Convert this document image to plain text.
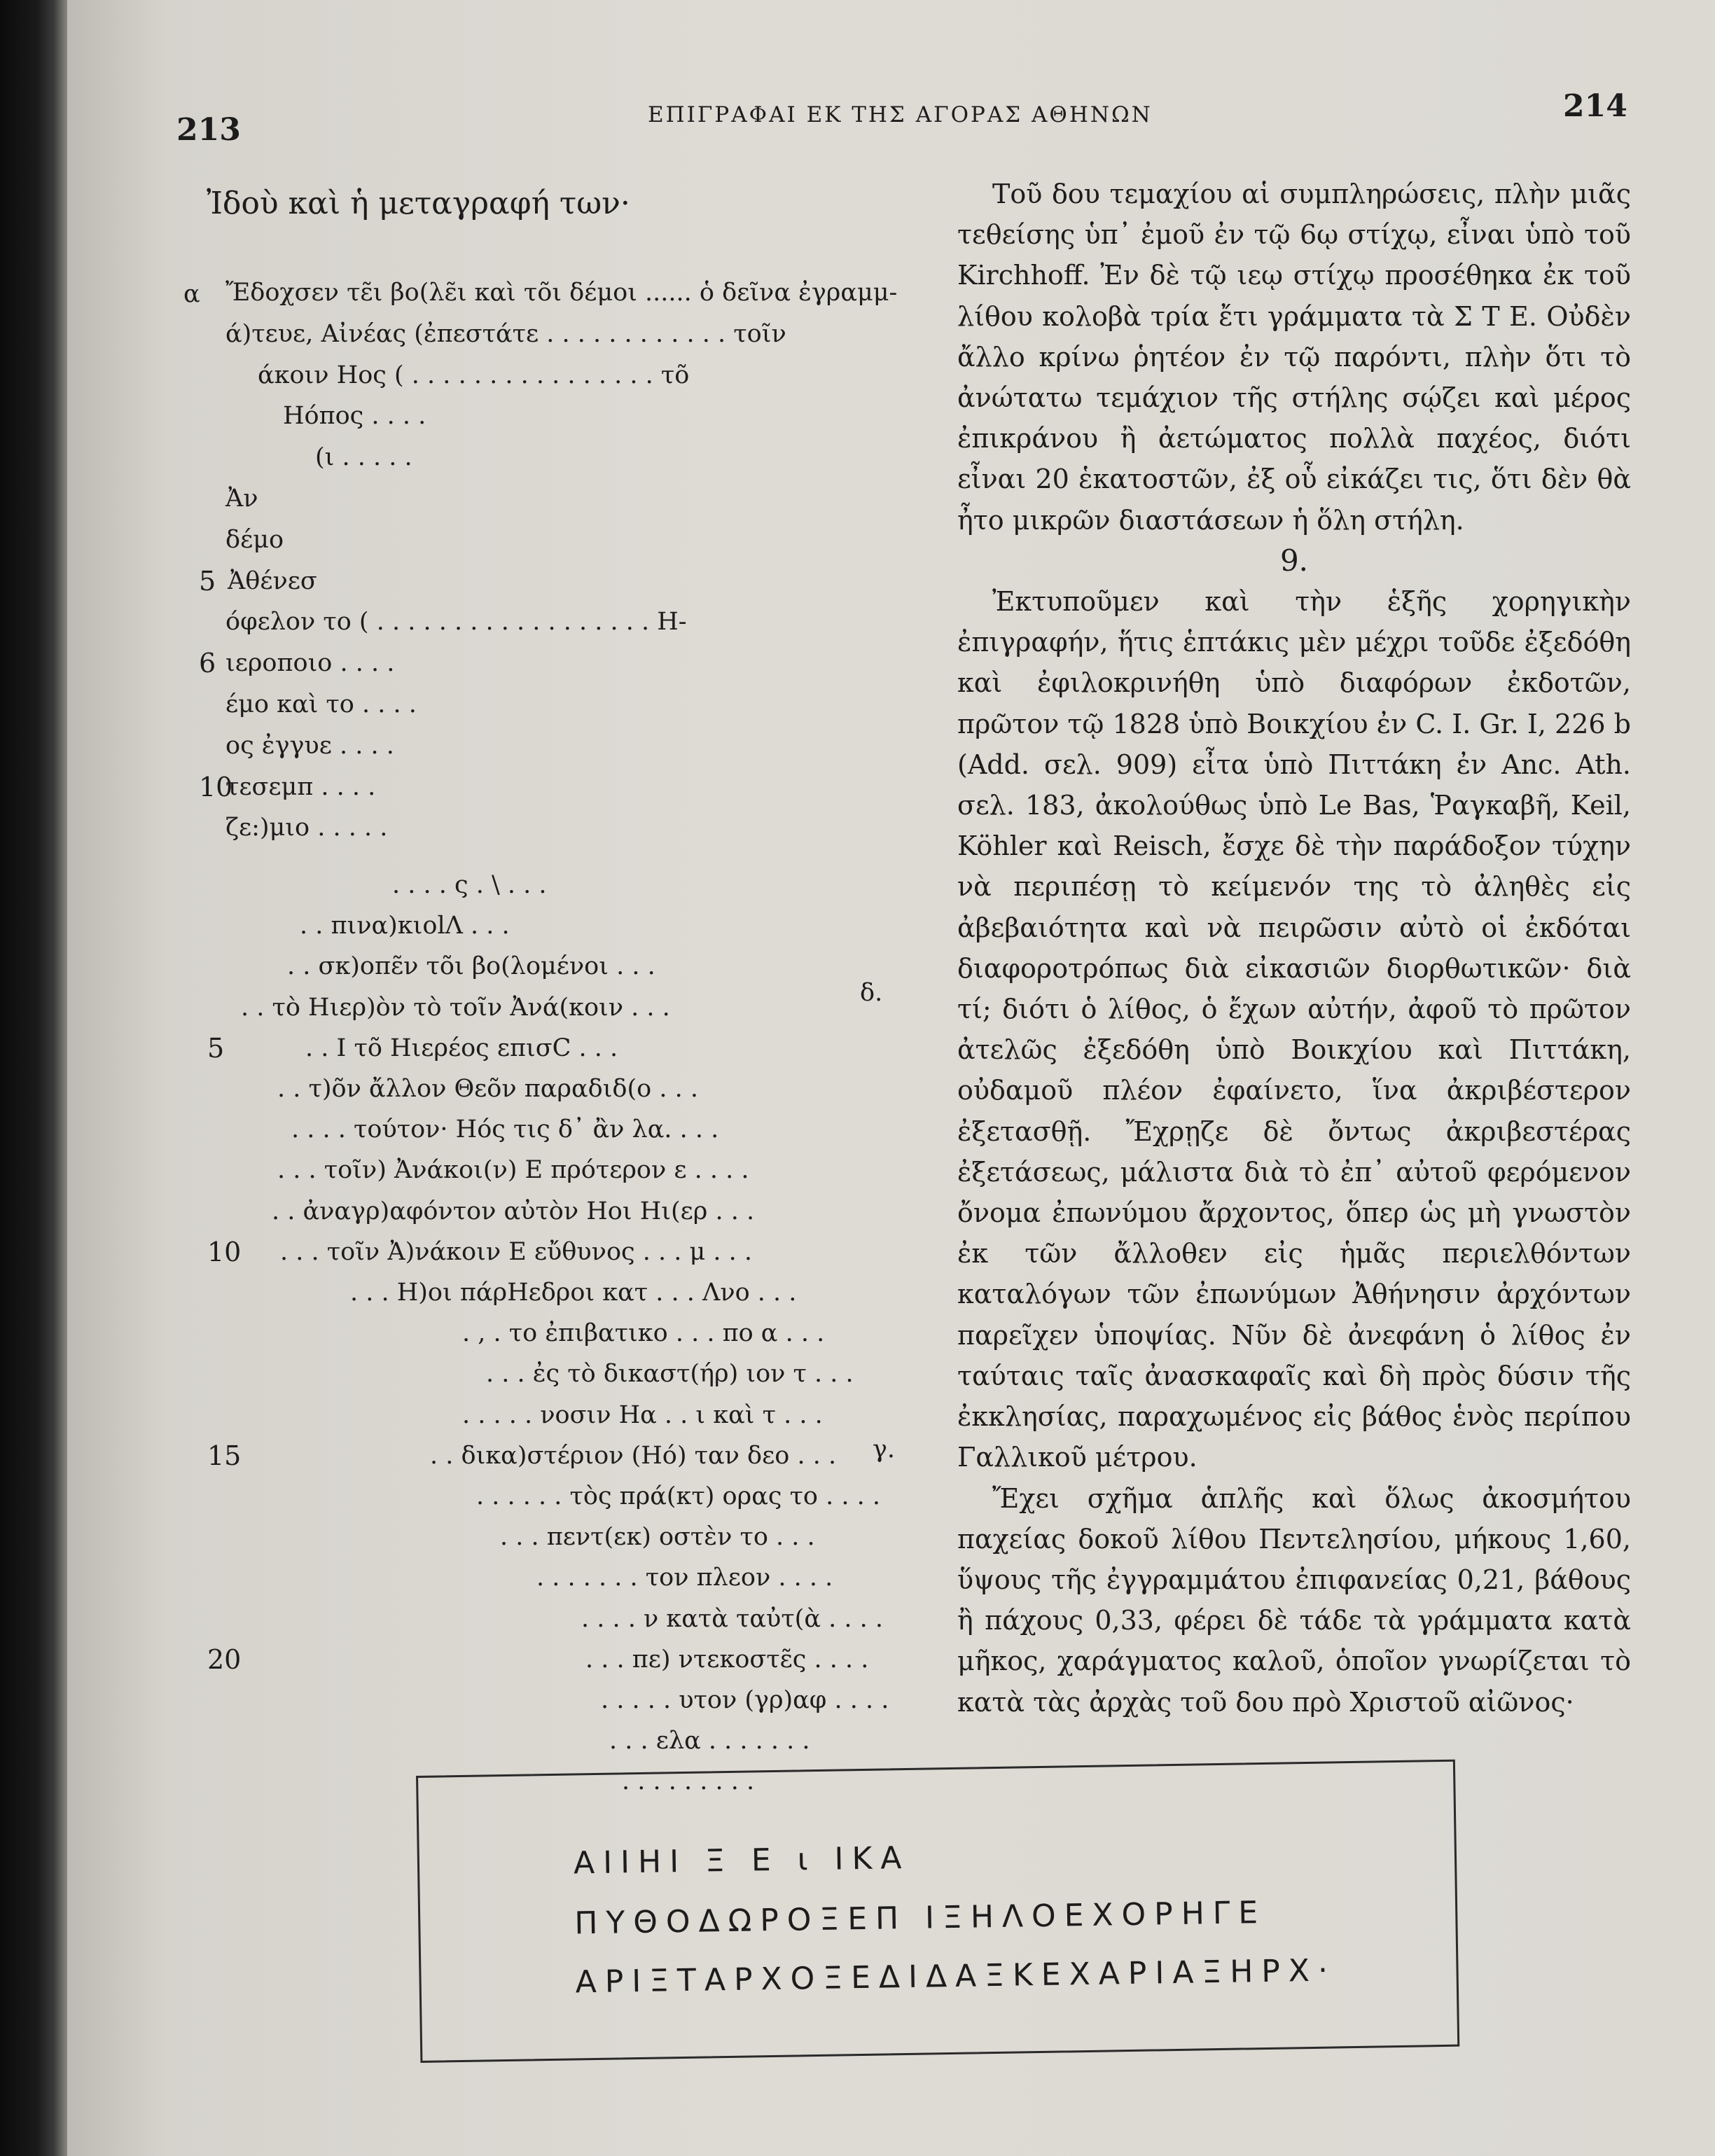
213	ΕΠΙΓΡΑΦΑΙ ΕΚ ΤΗΣ ΑΓΟΡΑΣ ΑΘΗΝΩΝ	214
Ἰδοὺ καὶ ἡ μεταγραφή των·
α Ἔδοχσεν τε̃ι βο(λε̃ι καὶ τõι δέμοι ...... ὁ δεῖνα ἐγραμμ-
ά)τευε, Αἰνέας (ἐπεστάτε . . . . . . . . . . . . τοῖν
άκοιν Hος ( . . . . . . . . . . . . . . . . τõ
Hόπος . . . .
(ι . . . . .
Ἀν
δέμο
5 Ἀθένεσ
όφελον το ( . . . . . . . . . . . . . . . . . . H-
6 ιεροποιο . . . .
έμο καὶ το . . . .
ος ἐγγυε . . . .
10
τεσεμπ . . . .
ζε:)μιο . . . . .
δ.
γ.
. . . . ς . \ . . .
. . πινα)κιοlΛ . . .
. . σκ)οπε̃ν τõι βο(λομένοι . . .
. . τὸ Hιερ)ὸν τὸ τοῖν Ἀνά(κοιν . . .
5	. . I τõ Hιερέος επισC . . .
. . τ)õν ἄλλον Θεõν παραδιδ(ο . . .
. . . . τούτον· Hός τις δ᾽ ἂν λα. . . .
. . . τοῖν) Ἀνάκοι(ν) Ε πρότερον ε . . . .
. . ἀναγρ)αφόντον αὐτὸν Hοι Hι(ερ . . .
10 . . . τοῖν Ἀ)νάκοιν Ε εὔθυνος . . . μ . . .
. . . H)οι πάρHεδροι κατ . . . Λνο . . .
. , . το ἐπιβατικο . . . πο α . . .
. . . ἐς τὸ δικαστ(ήρ) ιον τ . . .
. . . . . νοσιν Hα . . ι καὶ τ . . .
15	. . δικα)στέριον (Hό) ταν δεο . . .
. . . . . . τὸς πρά(κτ) ορας το . . . .
. . . πεντ(εκ) οστὲν το . . .
. . . . . . . τον πλεον . . . .
. . . . ν κατὰ ταὐτ(ὰ . . . .
20	. . . πε) ντεκοστε̃ς . . . .
. . . . . υτον (γρ)αφ . . . .
. . . ελα . . . . . . .
. . . . . . . . .

Τοῦ δου τεμαχίου αἱ συμπληρώσεις, πλὴν μιᾶς τεθείσης ὑπ᾽ ἐμοῦ ἐν τῷ 6ῳ στίχῳ, εἶναι ὑπὸ τοῦ Kirchhoff. Ἐν δὲ τῷ ιεῳ στίχῳ προσέθηκα ἐκ τοῦ λίθου κολοβὰ τρία ἔτι γράμματα τὰ Σ Τ Ε. Οὐδὲν ἄλλο κρίνω ῥητέον ἐν τῷ παρόντι, πλὴν ὅτι τὸ ἀνώτατω τεμάχιον τῆς στήλης σῴζει καὶ μέρος ἐπικράνου ἢ ἀετώματος πολλὰ παχέος, διότι εἶναι 20 ἑκατοστῶν, ἐξ οὗ εἰκάζει τις, ὅτι δὲν θὰ ἦτο μικρῶν διαστάσεων ἡ ὅλη στήλη.

9.

Ἐκτυποῦμεν καὶ τὴν ἑξῆς χορηγικὴν ἐπιγραφήν, ἥτις ἑπτάκις μὲν μέχρι τοῦδε ἐξεδόθη καὶ ἐφιλοκρινήθη ὑπὸ διαφόρων ἐκδοτῶν, πρῶτον τῷ 1828 ὑπὸ Βοικχίου ἐν C. I. Gr. I, 226 b (Add. σελ. 909) εἶτα ὑπὸ Πιττάκη ἐν Anc. Ath. σελ. 183, ἀκολούθως ὑπὸ Le Bas, Ῥαγκαβῆ, Keil, Köhler καὶ Reisch, ἔσχε δὲ τὴν παράδοξον τύχην νὰ περιπέσῃ τὸ κείμενόν της τὸ ἀληθὲς εἰς ἀβεβαιότητα καὶ νὰ πειρῶσιν αὐτὸ οἱ ἐκδόται διαφοροτρόπως διὰ εἰκασιῶν διορθωτικῶν· διὰ τί; διότι ὁ λίθος, ὁ ἔχων αὐτήν, ἀφοῦ τὸ πρῶτον ἀτελῶς ἐξεδόθη ὑπὸ Βοικχίου καὶ Πιττάκη, οὐδαμοῦ πλέον ἐφαίνετο, ἵνα ἀκριβέστερον ἐξετασθῇ. Ἔχρῃζε δὲ ὄντως ἀκριβεστέρας ἐξετάσεως, μάλιστα διὰ τὸ ἐπ᾽ αὐτοῦ φερόμενον ὄνομα ἐπωνύμου ἄρχοντος, ὅπερ ὡς μὴ γνωστὸν ἐκ τῶν ἄλλοθεν εἰς ἡμᾶς περιελθόντων καταλόγων τῶν ἐπωνύμων Ἀθήνησιν ἀρχόντων παρεῖχεν ὑποψίας. Νῦν δὲ ἀνεφάνη ὁ λίθος ἐν ταύταις ταῖς ἀνασκαφαῖς καὶ δὴ πρὸς δύσιν τῆς ἐκκλησίας, παραχωμένος εἰς βάθος ἑνὸς περίπου Γαλλικοῦ μέτρου.

Ἔχει σχῆμα ἁπλῆς καὶ ὅλως ἀκοσμήτου παχείας δοκοῦ λίθου Πεντελησίου, μήκους 1,60, ὕψους τῆς ἐγγραμμάτου ἐπιφανείας 0,21, βάθους ἢ πάχους 0,33, φέρει δὲ τάδε τὰ γράμματα κατὰ μῆκος, χαράγματος καλοῦ, ὁποῖον γνωρίζεται τὸ κατὰ τὰς ἀρχὰς τοῦ δου πρὸ Χριστοῦ αἰῶνος·

ΑΙΙΗΙ Ξ Ε ι ΙΚΑ
ΠΥΘΟΔΩΡΟΞΕΠ ΙΞΗΛΟΕΧΟΡΗΓΕ
ΑΡΙΞΤΑΡΧΟΞΕΔΙΔΑΞΚΕΧΑΡΙΑΞΗΡΧ·
